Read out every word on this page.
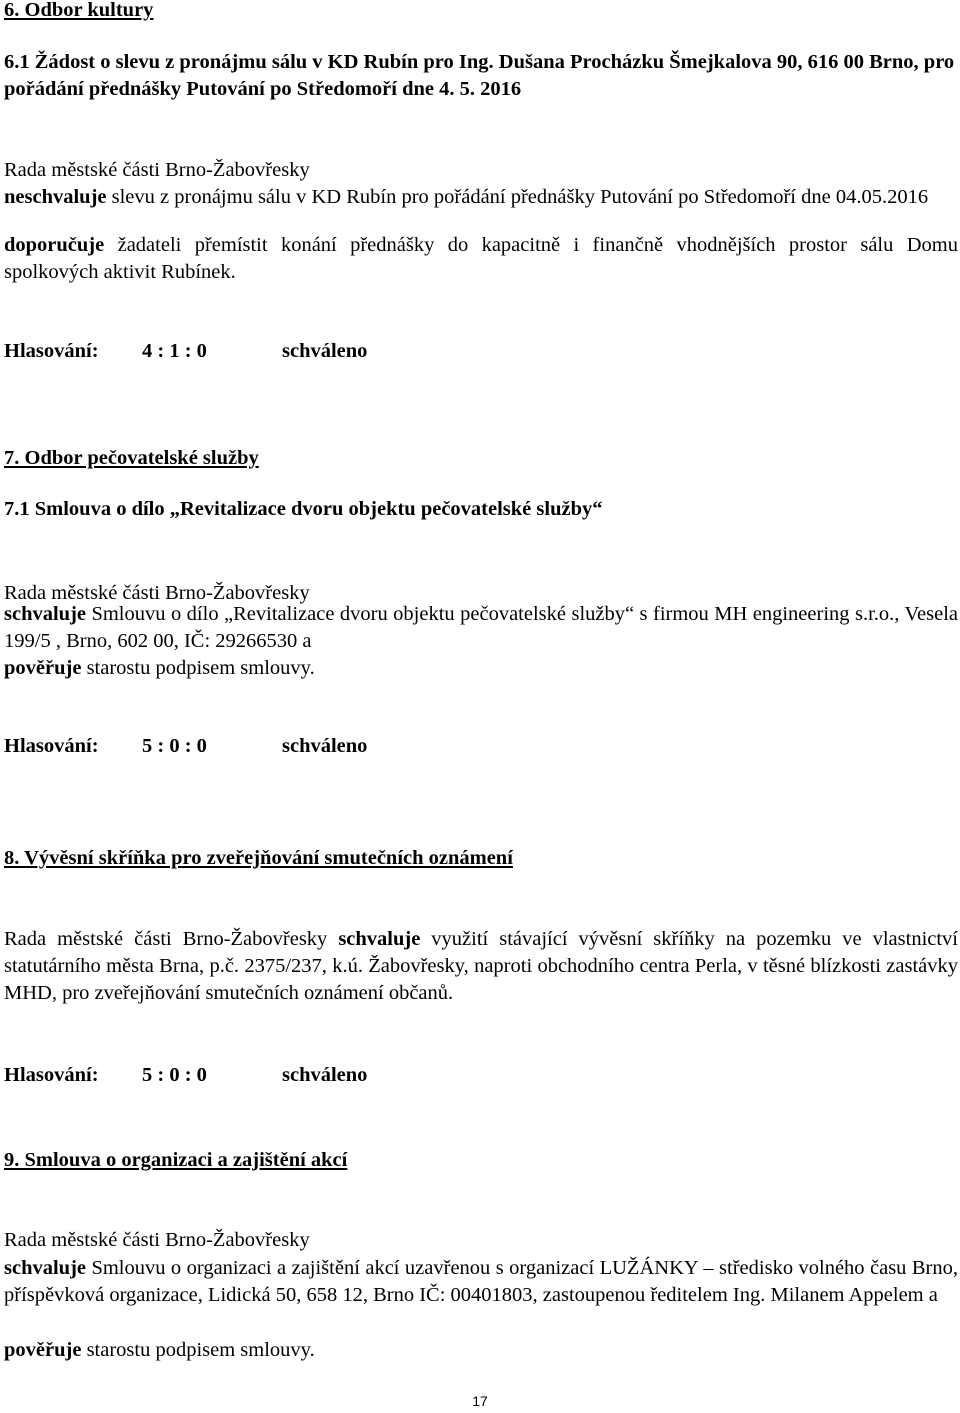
6. Odbor kultury
6.1 Žádost o slevu z pronájmu sálu v KD Rubín pro Ing. Dušana Procházku Šmejkalova 90, 616 00 Brno, pro pořádání přednášky Putování po Středomoří dne 4. 5. 2016
Rada městské části Brno-Žabovřesky
neschvaluje slevu z pronájmu sálu v KD Rubín pro pořádání přednášky Putování po Středomoří dne 04.05.2016
doporučuje žadateli přemístit konání přednášky do kapacitně i finančně vhodnějších prostor sálu Domu spolkových aktivit Rubínek.
Hlasování: 4 : 1 : 0	schváleno
7. Odbor pečovatelské služby
7.1 Smlouva o dílo „Revitalizace dvoru objektu pečovatelské služby“
Rada městské části Brno-Žabovřesky
schvaluje Smlouvu o dílo „Revitalizace dvoru objektu pečovatelské služby“ s firmou MH engineering s.r.o., Vesela 199/5 , Brno, 602 00, IČ: 29266530 a
pověřuje starostu podpisem smlouvy.
Hlasování: 5 : 0 : 0	schváleno
8. Vývěsní skříňka pro zveřejňování smutečních oznámení
Rada městské části Brno-Žabovřesky schvaluje využití stávající vývěsní skříňky na pozemku ve vlastnictví statutárního města Brna, p.č. 2375/237, k.ú. Žabovřesky, naproti obchodního centra Perla, v těsné blízkosti zastávky MHD, pro zveřejňování smutečních oznámení občanů.
Hlasování: 5 : 0 : 0	schváleno
9. Smlouva o organizaci a zajištění akcí
Rada městské části Brno-Žabovřesky
schvaluje Smlouvu o organizaci a zajištění akcí uzavřenou s organizací LUŽÁNKY – středisko volného času Brno, příspěvková organizace, Lidická 50, 658 12, Brno IČ: 00401803, zastoupenou ředitelem Ing. Milanem Appelem a
pověřuje starostu podpisem smlouvy.
17
